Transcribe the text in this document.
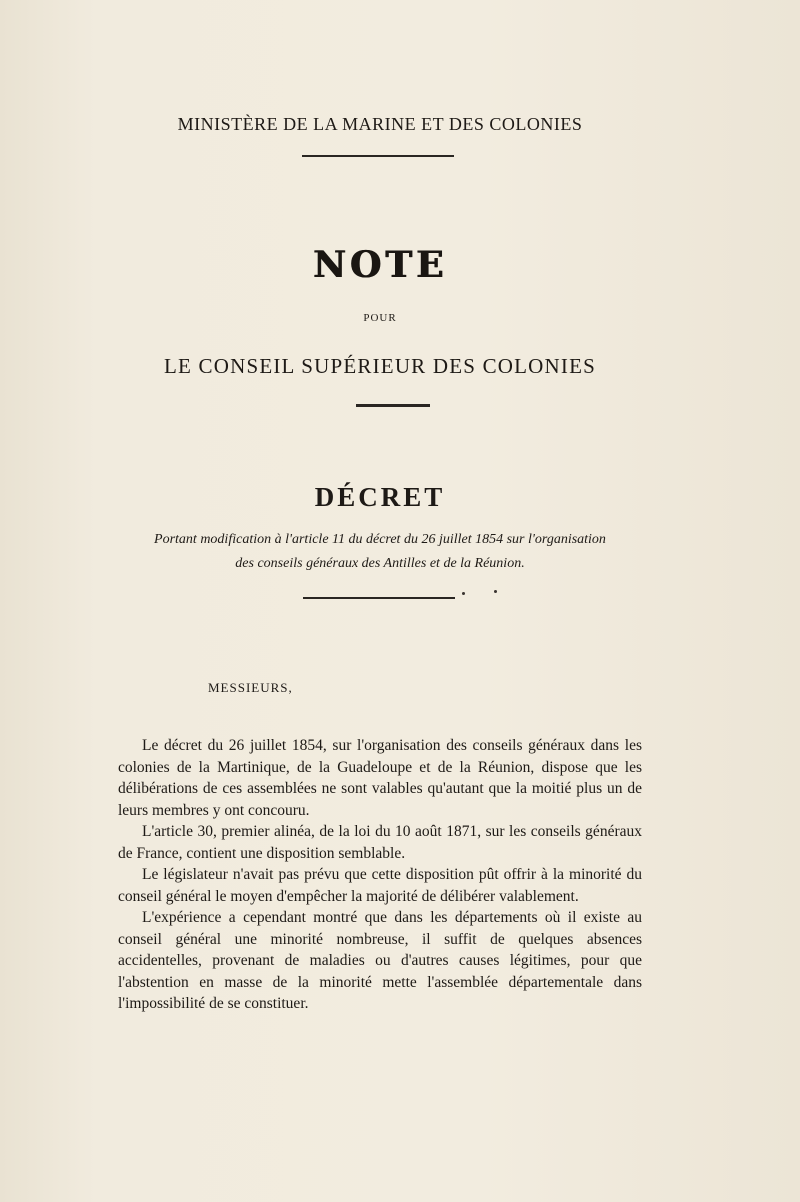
MINISTÈRE DE LA MARINE ET DES COLONIES
NOTE
POUR
LE CONSEIL SUPÉRIEUR DES COLONIES
DÉCRET
Portant modification à l'article 11 du décret du 26 juillet 1854 sur l'organisation
des conseils généraux des Antilles et de la Réunion.
MESSIEURS,

Le décret du 26 juillet 1854, sur l'organisation des conseils généraux dans les colonies de la Martinique, de la Guadeloupe et de la Réunion, dispose que les délibérations de ces assemblées ne sont valables qu'autant que la moitié plus un de leurs membres y ont concouru.

L'article 30, premier alinéa, de la loi du 10 août 1871, sur les conseils généraux de France, contient une disposition semblable.

Le législateur n'avait pas prévu que cette disposition pût offrir à la minorité du conseil général le moyen d'empêcher la majorité de délibérer valablement.

L'expérience a cependant montré que dans les départements où il existe au conseil général une minorité nombreuse, il suffit de quelques absences accidentelles, provenant de maladies ou d'autres causes légitimes, pour que l'abstention en masse de la minorité mette l'assemblée départementale dans l'impossibilité de se constituer.
